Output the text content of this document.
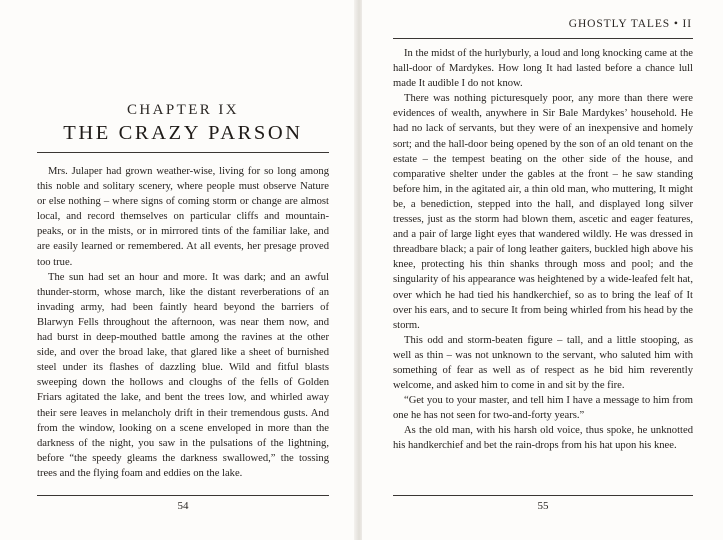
CHAPTER IX
THE CRAZY PARSON

Mrs. Julaper had grown weather-wise, living for so long among this noble and solitary scenery, where people must observe Nature or else nothing – where signs of coming storm or change are almost local, and record themselves on particular cliffs and mountain-peaks, or in the mists, or in mirrored tints of the familiar lake, and are easily learned or remembered. At all events, her presage proved too true.

The sun had set an hour and more. It was dark; and an awful thunder-storm, whose march, like the distant reverberations of an invading army, had been faintly heard beyond the barriers of Blarwyn Fells throughout the afternoon, was near them now, and had burst in deep-mouthed battle among the ravines at the other side, and over the broad lake, that glared like a sheet of burnished steel under its flashes of dazzling blue. Wild and fitful blasts sweeping down the hollows and cloughs of the fells of Golden Friars agitated the lake, and bent the trees low, and whirled away their sere leaves in melancholy drift in their tremendous gusts. And from the window, looking on a scene enveloped in more than the darkness of the night, you saw in the pulsations of the lightning, before “the speedy gleams the darkness swallowed,” the tossing trees and the flying foam and eddies on the lake.

54
GHOSTLY TALES • II

In the midst of the hurlyburly, a loud and long knocking came at the hall-door of Mardykes. How long It had lasted before a chance lull made It audible I do not know.

There was nothing picturesquely poor, any more than there were evidences of wealth, anywhere in Sir Bale Mardykes’ household. He had no lack of servants, but they were of an inexpensive and homely sort; and the hall-door being opened by the son of an old tenant on the estate – the tempest beating on the other side of the house, and comparative shelter under the gables at the front – he saw standing before him, in the agitated air, a thin old man, who muttering, It might be, a benediction, stepped into the hall, and displayed long silver tresses, just as the storm had blown them, ascetic and eager features, and a pair of large light eyes that wandered wildly. He was dressed in threadbare black; a pair of long leather gaiters, buckled high above his knee, protecting his thin shanks through moss and pool; and the singularity of his appearance was heightened by a wide-leafed felt hat, over which he had tied his handkerchief, so as to bring the leaf of It over his ears, and to secure It from being whirled from his head by the storm.

This odd and storm-beaten figure – tall, and a little stooping, as well as thin – was not unknown to the servant, who saluted him with something of fear as well as of respect as he bid him reverently welcome, and asked him to come in and sit by the fire.

“Get you to your master, and tell him I have a message to him from one he has not seen for two-and-forty years.”

As the old man, with his harsh old voice, thus spoke, he unknotted his handkerchief and bet the rain-drops from his hat upon his knee.

55
